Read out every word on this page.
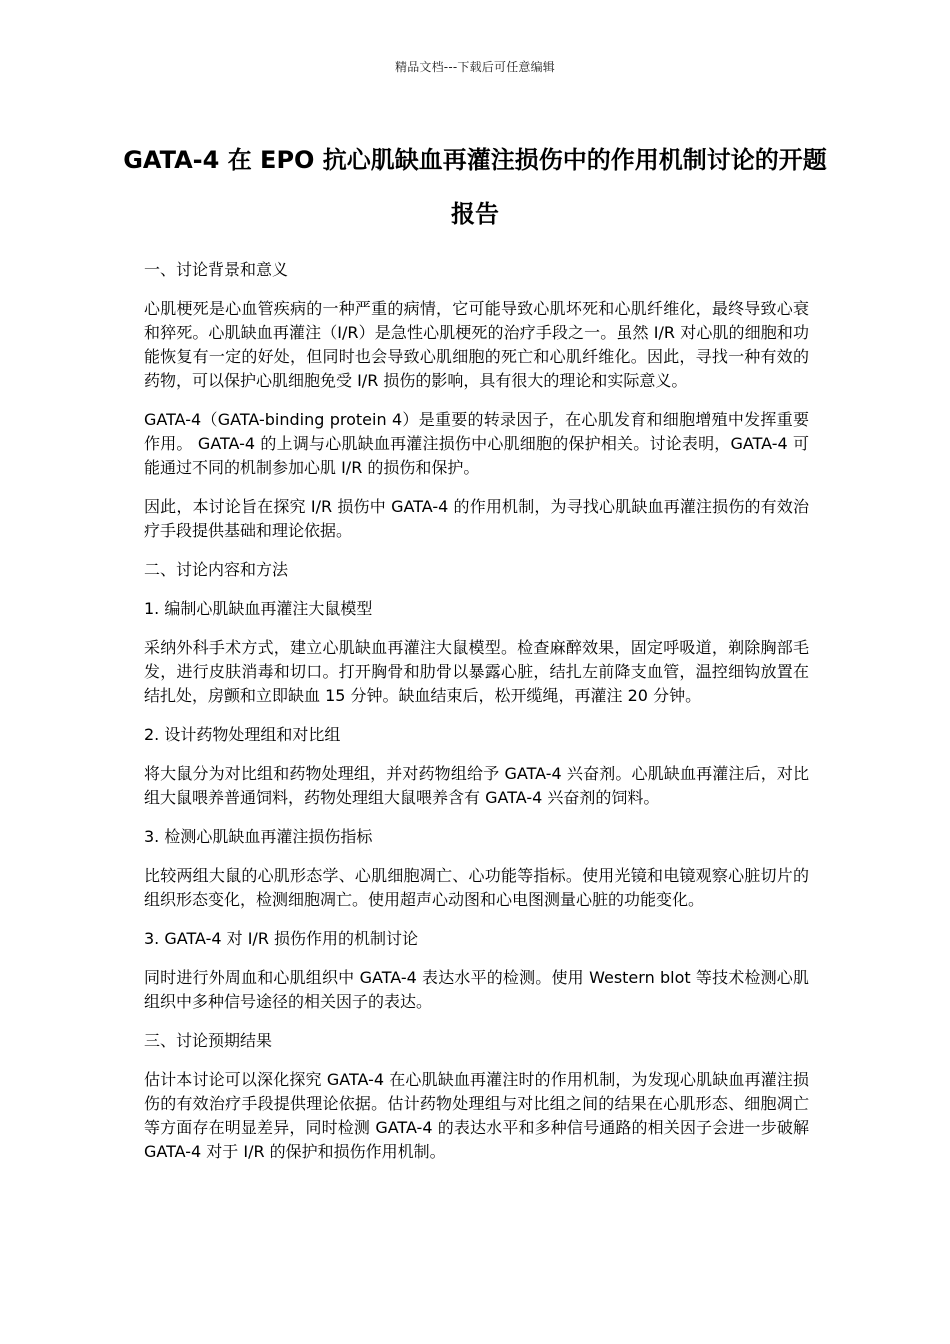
精品文档---下载后可任意编辑
GATA-4 在 EPO 抗心肌缺血再灌注损伤中的作用机制讨论的开题报告

一、讨论背景和意义

心肌梗死是心血管疾病的一种严重的病情，它可能导致心肌坏死和心肌纤维化，最终导致心衰和猝死。心肌缺血再灌注（I/R）是急性心肌梗死的治疗手段之一。虽然 I/R 对心肌的细胞和功能恢复有一定的好处，但同时也会导致心肌细胞的死亡和心肌纤维化。因此，寻找一种有效的药物，可以保护心肌细胞免受 I/R 损伤的影响，具有很大的理论和实际意义。

GATA-4（GATA-binding protein 4）是重要的转录因子，在心肌发育和细胞增殖中发挥重要作用。 GATA-4 的上调与心肌缺血再灌注损伤中心肌细胞的保护相关。讨论表明，GATA-4 可能通过不同的机制参加心肌 I/R 的损伤和保护。

因此，本讨论旨在探究 I/R 损伤中 GATA-4 的作用机制，为寻找心肌缺血再灌注损伤的有效治疗手段提供基础和理论依据。

二、讨论内容和方法

1. 编制心肌缺血再灌注大鼠模型

采纳外科手术方式，建立心肌缺血再灌注大鼠模型。检查麻醉效果，固定呼吸道，剃除胸部毛发，进行皮肤消毒和切口。打开胸骨和肋骨以暴露心脏，结扎左前降支血管，温控细钩放置在结扎处，房颤和立即缺血 15 分钟。缺血结束后，松开缆绳，再灌注 20 分钟。

2. 设计药物处理组和对比组

将大鼠分为对比组和药物处理组，并对药物组给予 GATA-4 兴奋剂。心肌缺血再灌注后，对比组大鼠喂养普通饲料，药物处理组大鼠喂养含有 GATA-4 兴奋剂的饲料。

3. 检测心肌缺血再灌注损伤指标

比较两组大鼠的心肌形态学、心肌细胞凋亡、心功能等指标。使用光镜和电镜观察心脏切片的组织形态变化，检测细胞凋亡。使用超声心动图和心电图测量心脏的功能变化。

3. GATA-4 对 I/R 损伤作用的机制讨论

同时进行外周血和心肌组织中 GATA-4 表达水平的检测。使用 Western blot 等技术检测心肌组织中多种信号途径的相关因子的表达。

三、讨论预期结果

估计本讨论可以深化探究 GATA-4 在心肌缺血再灌注时的作用机制，为发现心肌缺血再灌注损伤的有效治疗手段提供理论依据。估计药物处理组与对比组之间的结果在心肌形态、细胞凋亡等方面存在明显差异，同时检测 GATA-4 的表达水平和多种信号通路的相关因子会进一步破解 GATA-4 对于 I/R 的保护和损伤作用机制。
